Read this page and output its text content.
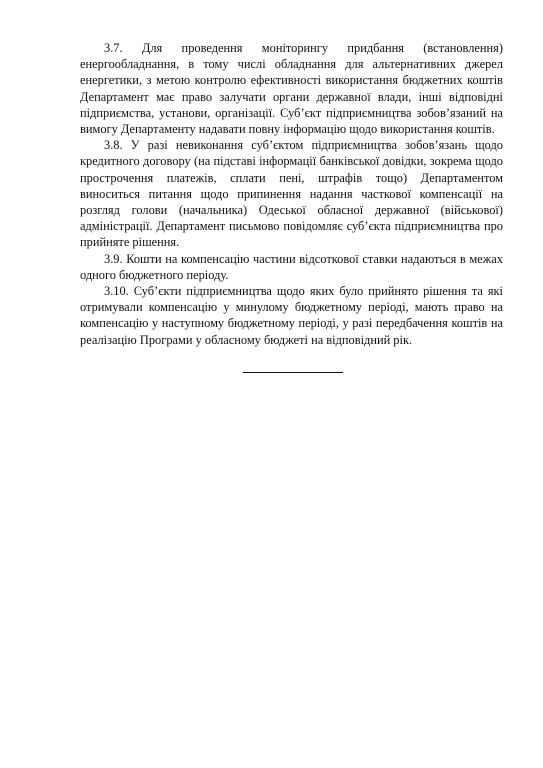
3.7. Для проведення моніторингу придбання (встановлення) енергообладнання, в тому числі обладнання для альтернативних джерел енергетики, з метою контролю ефективності використання бюджетних коштів Департамент має право залучати органи державної влади, інші відповідні підприємства, установи, організації. Суб’єкт підприємництва зобов’язаний на вимогу Департаменту надавати повну інформацію щодо використання коштів.

3.8. У разі невиконання суб’єктом підприємництва зобов’язань щодо кредитного договору (на підставі інформації банківської довідки, зокрема щодо прострочення платежів, сплати пені, штрафів тощо) Департаментом виноситься питання щодо припинення надання часткової компенсації на розгляд голови (начальника) Одеської обласної державної (військової) адміністрації. Департамент письмово повідомляє суб’єкта підприємництва про прийняте рішення.

3.9. Кошти на компенсацію частини відсоткової ставки надаються в межах одного бюджетного періоду.

3.10. Суб’єкти підприємництва щодо яких було прийнято рішення та які отримували компенсацію у минулому бюджетному періоді, мають право на компенсацію у наступному бюджетному періоді, у разі передбачення коштів на реалізацію Програми у обласному бюджеті на відповідний рік.
